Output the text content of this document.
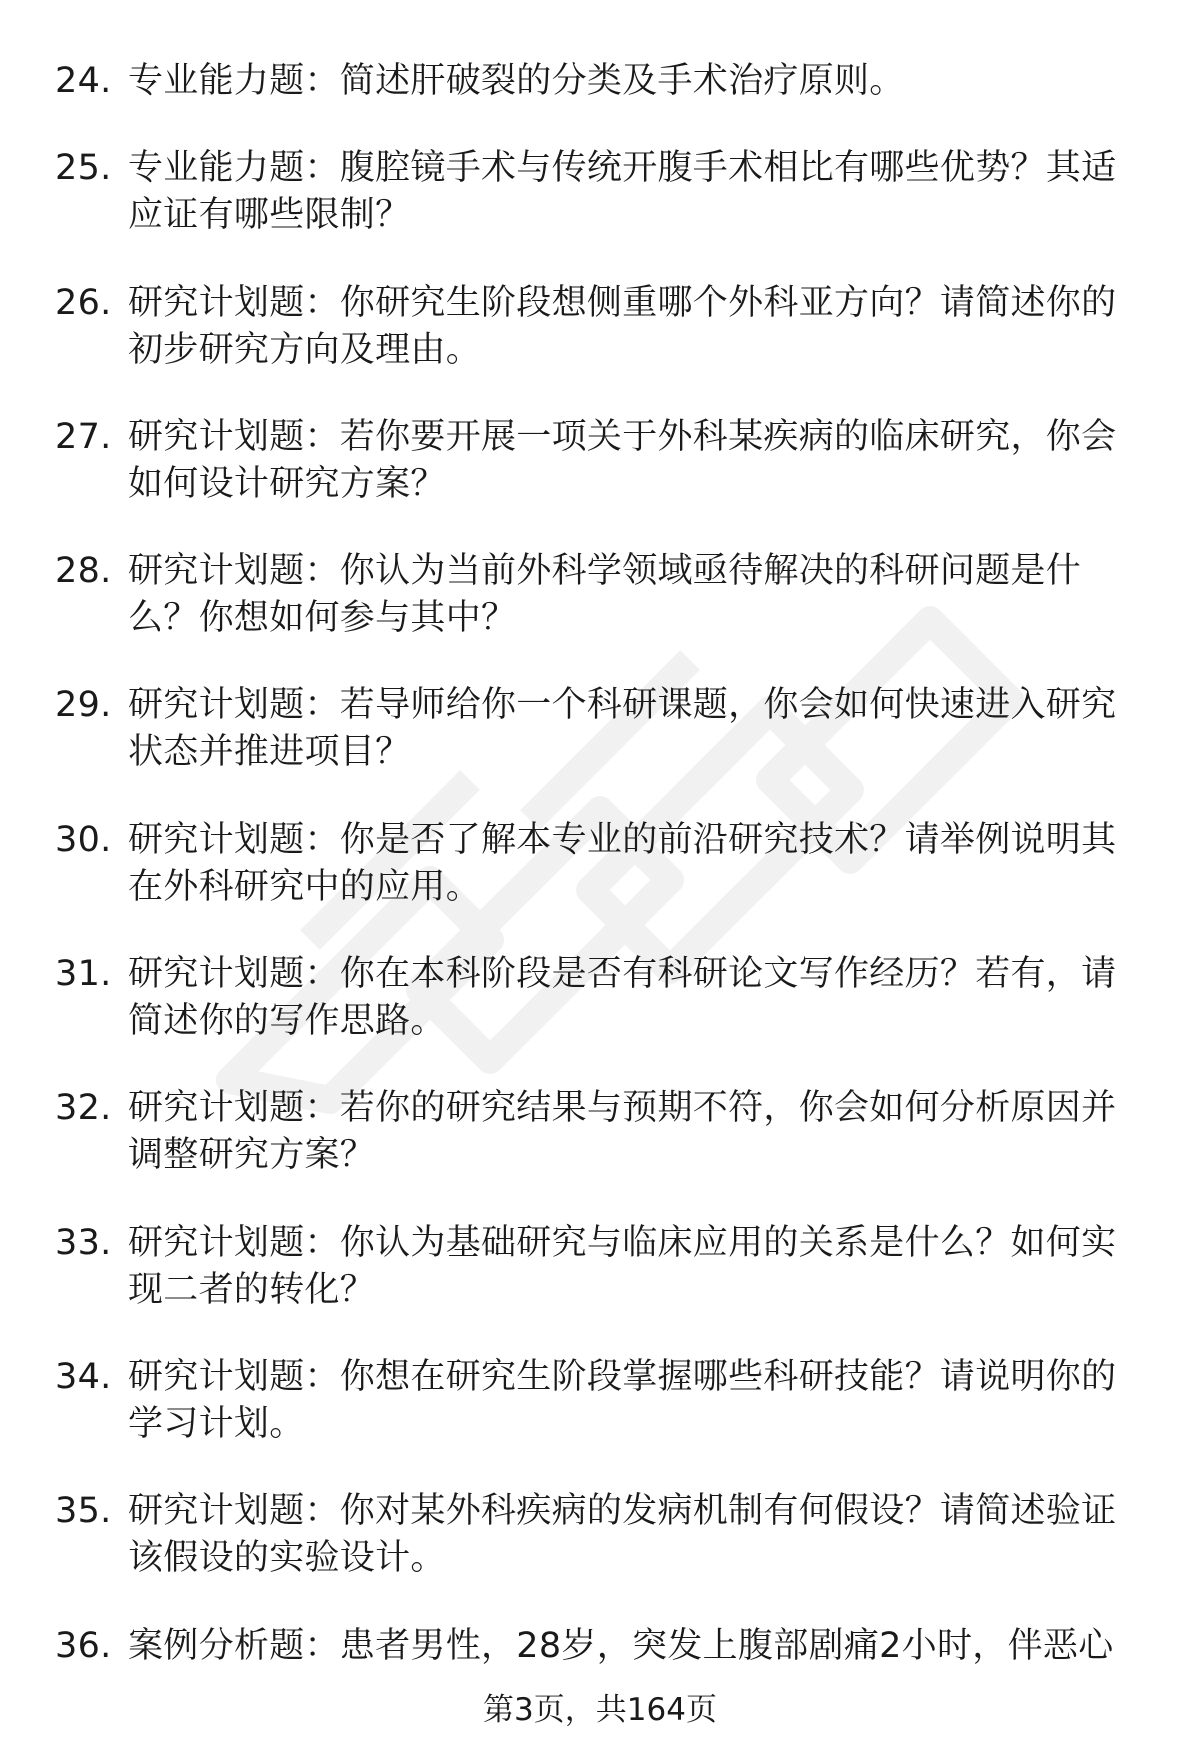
24. 专业能力题：简述肝破裂的分类及手术治疗原则。
25. 专业能力题：腹腔镜手术与传统开腹手术相比有哪些优势？其适应证有哪些限制？
26. 研究计划题：你研究生阶段想侧重哪个外科亚方向？请简述你的初步研究方向及理由。
27. 研究计划题：若你要开展一项关于外科某疾病的临床研究，你会如何设计研究方案？
28. 研究计划题：你认为当前外科学领域亟待解决的科研问题是什么？你想如何参与其中？
29. 研究计划题：若导师给你一个科研课题，你会如何快速进入研究状态并推进项目？
30. 研究计划题：你是否了解本专业的前沿研究技术？请举例说明其在外科研究中的应用。
31. 研究计划题：你在本科阶段是否有科研论文写作经历？若有，请简述你的写作思路。
32. 研究计划题：若你的研究结果与预期不符，你会如何分析原因并调整研究方案？
33. 研究计划题：你认为基础研究与临床应用的关系是什么？如何实现二者的转化？
34. 研究计划题：你想在研究生阶段掌握哪些科研技能？请说明你的学习计划。
35. 研究计划题：你对某外科疾病的发病机制有何假设？请简述验证该假设的实验设计。
36. 案例分析题：患者男性，28岁，突发上腹部剧痛2小时，伴恶心
第3页，共164页
